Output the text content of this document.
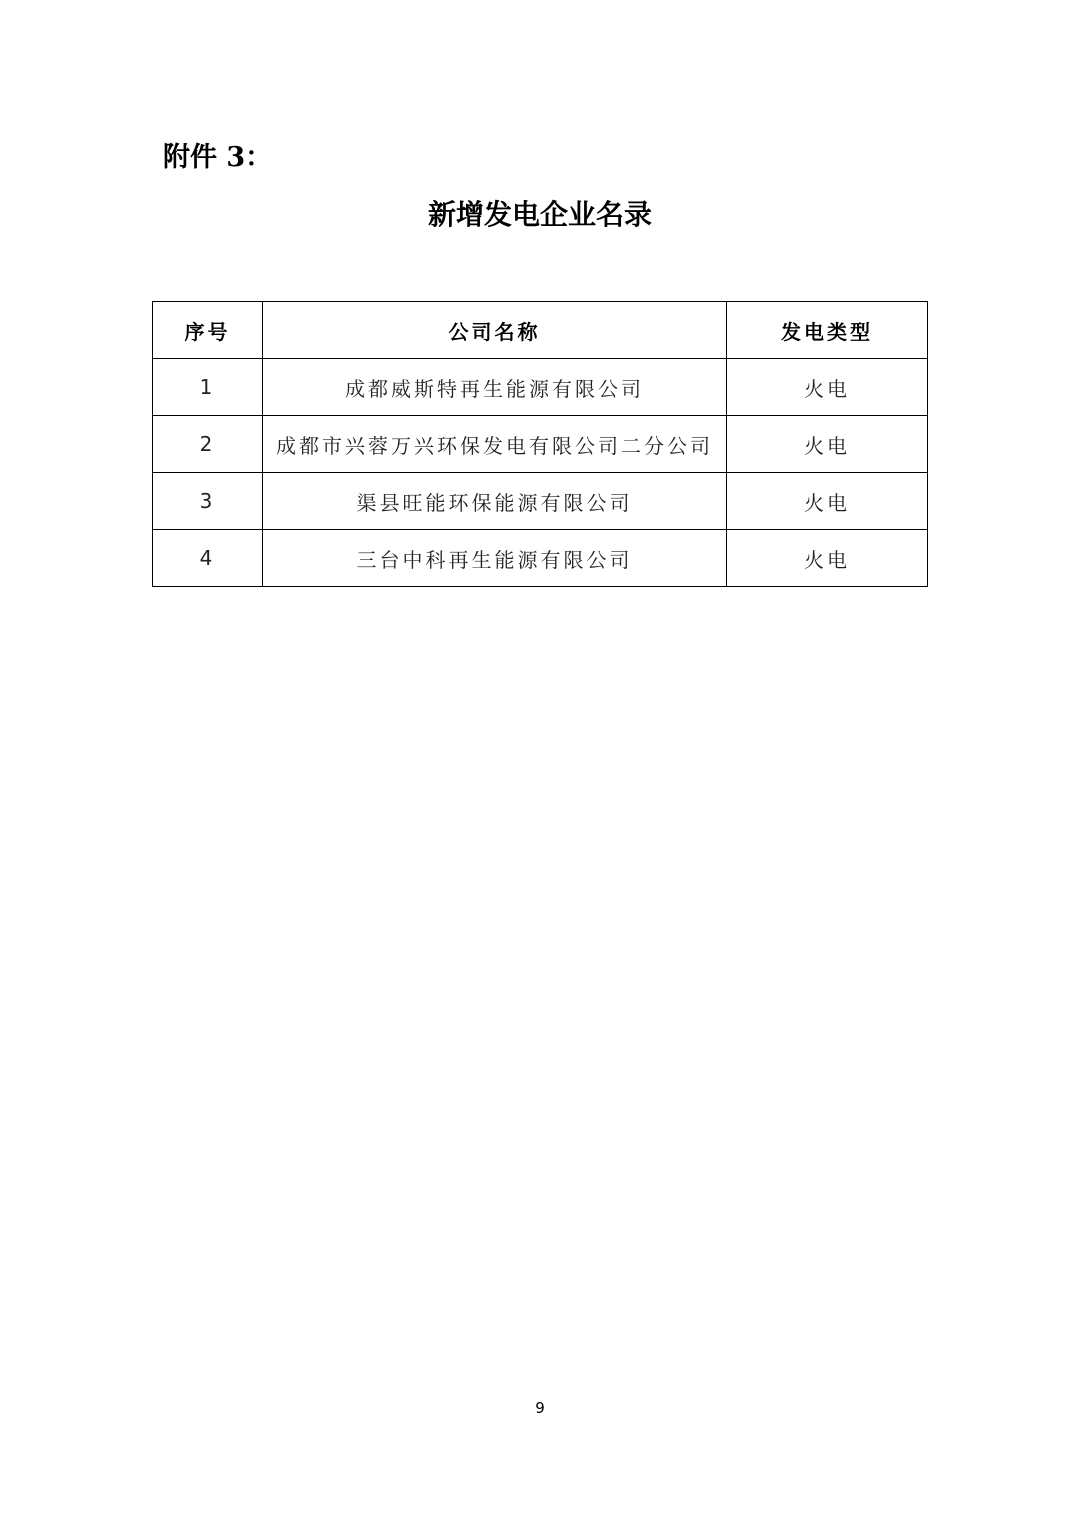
附件 3：
新增发电企业名录
序号	公司名称	发电类型
1	成都威斯特再生能源有限公司	火电
2	成都市兴蓉万兴环保发电有限公司二分公司	火电
3	渠县旺能环保能源有限公司	火电
4	三台中科再生能源有限公司	火电
9
